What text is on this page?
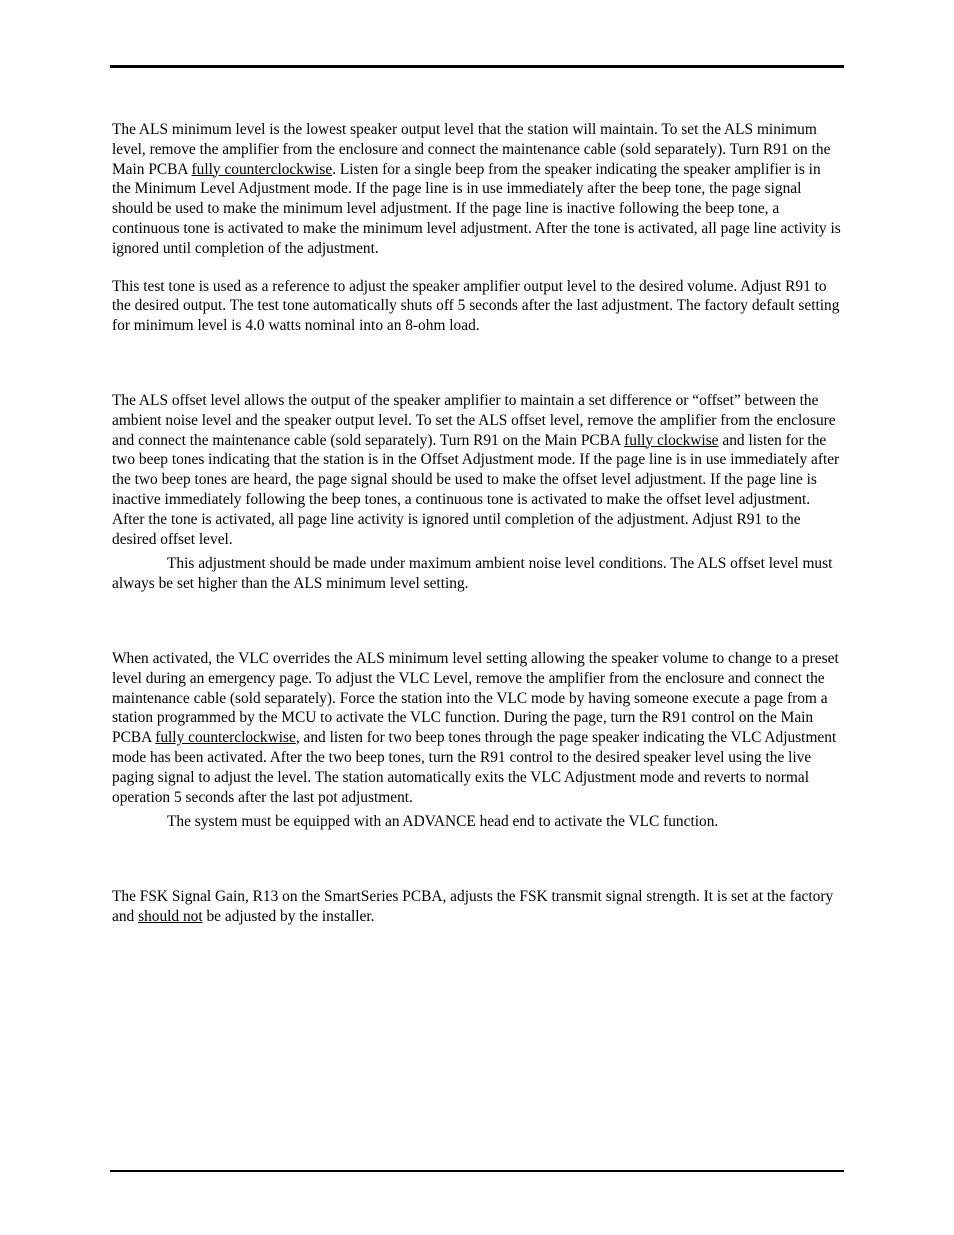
The ALS minimum level is the lowest speaker output level that the station will maintain. To set the ALS minimum level, remove the amplifier from the enclosure and connect the maintenance cable (sold separately). Turn R91 on the Main PCBA fully counterclockwise. Listen for a single beep from the speaker indicating the speaker amplifier is in the Minimum Level Adjustment mode. If the page line is in use immediately after the beep tone, the page signal should be used to make the minimum level adjustment. If the page line is inactive following the beep tone, a continuous tone is activated to make the minimum level adjustment. After the tone is activated, all page line activity is ignored until completion of the adjustment.

This test tone is used as a reference to adjust the speaker amplifier output level to the desired volume. Adjust R91 to the desired output. The test tone automatically shuts off 5 seconds after the last adjustment. The factory default setting for minimum level is 4.0 watts nominal into an 8-ohm load.

The ALS offset level allows the output of the speaker amplifier to maintain a set difference or “offset” between the ambient noise level and the speaker output level. To set the ALS offset level, remove the amplifier from the enclosure and connect the maintenance cable (sold separately). Turn R91 on the Main PCBA fully clockwise and listen for the two beep tones indicating that the station is in the Offset Adjustment mode. If the page line is in use immediately after the two beep tones are heard, the page signal should be used to make the offset level adjustment. If the page line is inactive immediately following the beep tones, a continuous tone is activated to make the offset level adjustment. After the tone is activated, all page line activity is ignored until completion of the adjustment. Adjust R91 to the desired offset level.

This adjustment should be made under maximum ambient noise level conditions. The ALS offset level must always be set higher than the ALS minimum level setting.

When activated, the VLC overrides the ALS minimum level setting allowing the speaker volume to change to a preset level during an emergency page. To adjust the VLC Level, remove the amplifier from the enclosure and connect the maintenance cable (sold separately). Force the station into the VLC mode by having someone execute a page from a station programmed by the MCU to activate the VLC function. During the page, turn the R91 control on the Main PCBA fully counterclockwise, and listen for two beep tones through the page speaker indicating the VLC Adjustment mode has been activated. After the two beep tones, turn the R91 control to the desired speaker level using the live paging signal to adjust the level. The station automatically exits the VLC Adjustment mode and reverts to normal operation 5 seconds after the last pot adjustment.

The system must be equipped with an ADVANCE head end to activate the VLC function.

The FSK Signal Gain, R13 on the SmartSeries PCBA, adjusts the FSK transmit signal strength. It is set at the factory and should not be adjusted by the installer.
